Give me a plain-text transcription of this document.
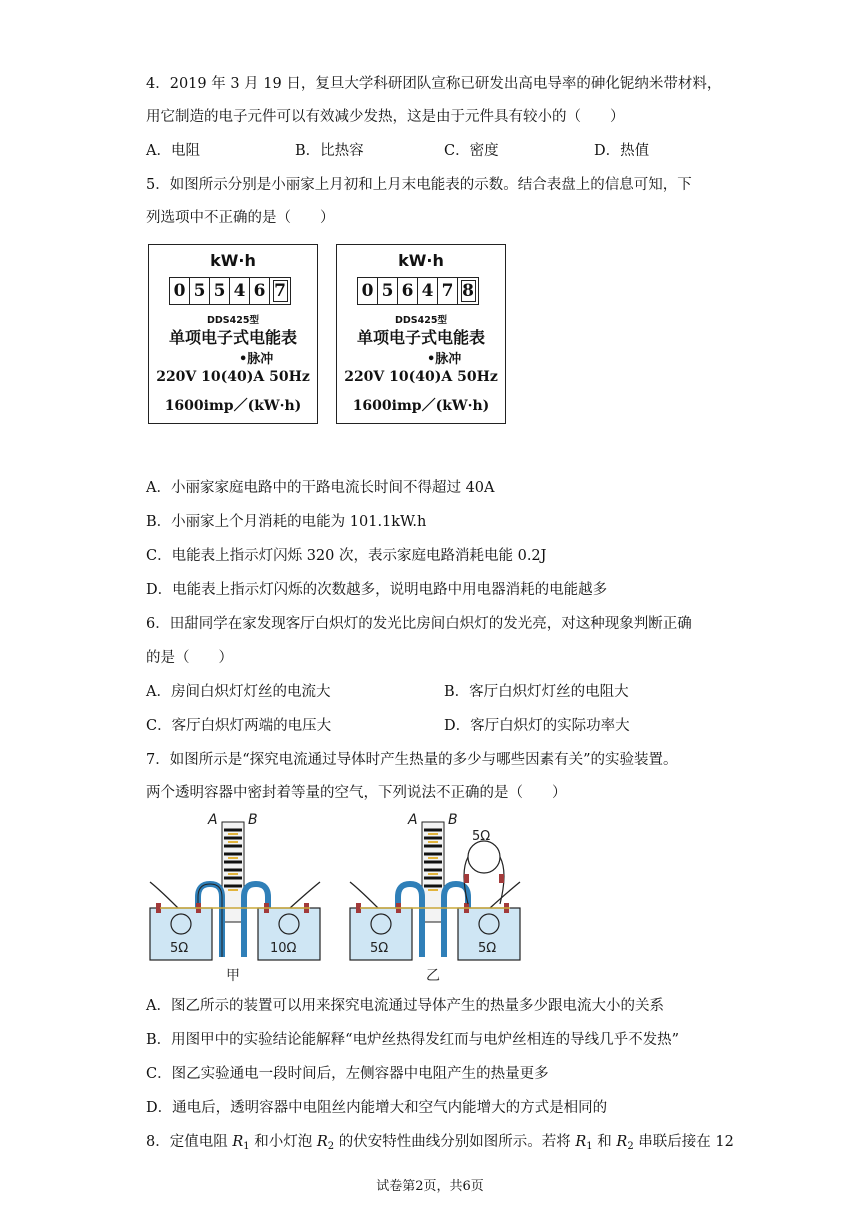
4．2019 年 3 月 19 日，复旦大学科研团队宣称已研发出高电导率的砷化铌纳米带材料，
用它制造的电子元件可以有效减少发热，这是由于元件具有较小的（　　）
A．电阻	B．比热容	C．密度	D．热值
5．如图所示分别是小丽家上月初和上月末电能表的示数。结合表盘上的信息可知，下
列选项中不正确的是（　　）
kW·h
0 5 5 4 6 7
DDS425型
单项电子式电能表
•脉冲
220V 10(40)A 50Hz
1600imp／(kW·h)
kW·h
0 5 6 4 7 8
DDS425型
单项电子式电能表
•脉冲
220V 10(40)A 50Hz
1600imp／(kW·h)
A．小丽家家庭电路中的干路电流长时间不得超过 40A
B．小丽家上个月消耗的电能为 101.1kW.h
C．电能表上指示灯闪烁 320 次，表示家庭电路消耗电能 0.2J
D．电能表上指示灯闪烁的次数越多，说明电路中用电器消耗的电能越多
6．田甜同学在家发现客厅白炽灯的发光比房间白炽灯的发光亮，对这种现象判断正确
的是（　　）
A．房间白炽灯灯丝的电流大	B．客厅白炽灯灯丝的电阻大
C．客厅白炽灯两端的电压大	D．客厅白炽灯的实际功率大
7．如图所示是“探究电流通过导体时产生热量的多少与哪些因素有关”的实验装置。
两个透明容器中密封着等量的空气，下列说法不正确的是（　　）
5Ω	10Ω
A B
甲
5Ω	5Ω
5Ω
A B
乙
A．图乙所示的装置可以用来探究电流通过导体产生的热量多少跟电流大小的关系
B．用图甲中的实验结论能解释“电炉丝热得发红而与电炉丝相连的导线几乎不发热”
C．图乙实验通电一段时间后，左侧容器中电阻产生的热量更多
D．通电后，透明容器中电阻丝内能增大和空气内能增大的方式是相同的
8．定值电阻 $R_1$ 和小灯泡 $R_2$ 的伏安特性曲线分别如图所示。若将 $R_1$ 和 $R_2$ 串联后接在 12
试卷第2页，共6页
